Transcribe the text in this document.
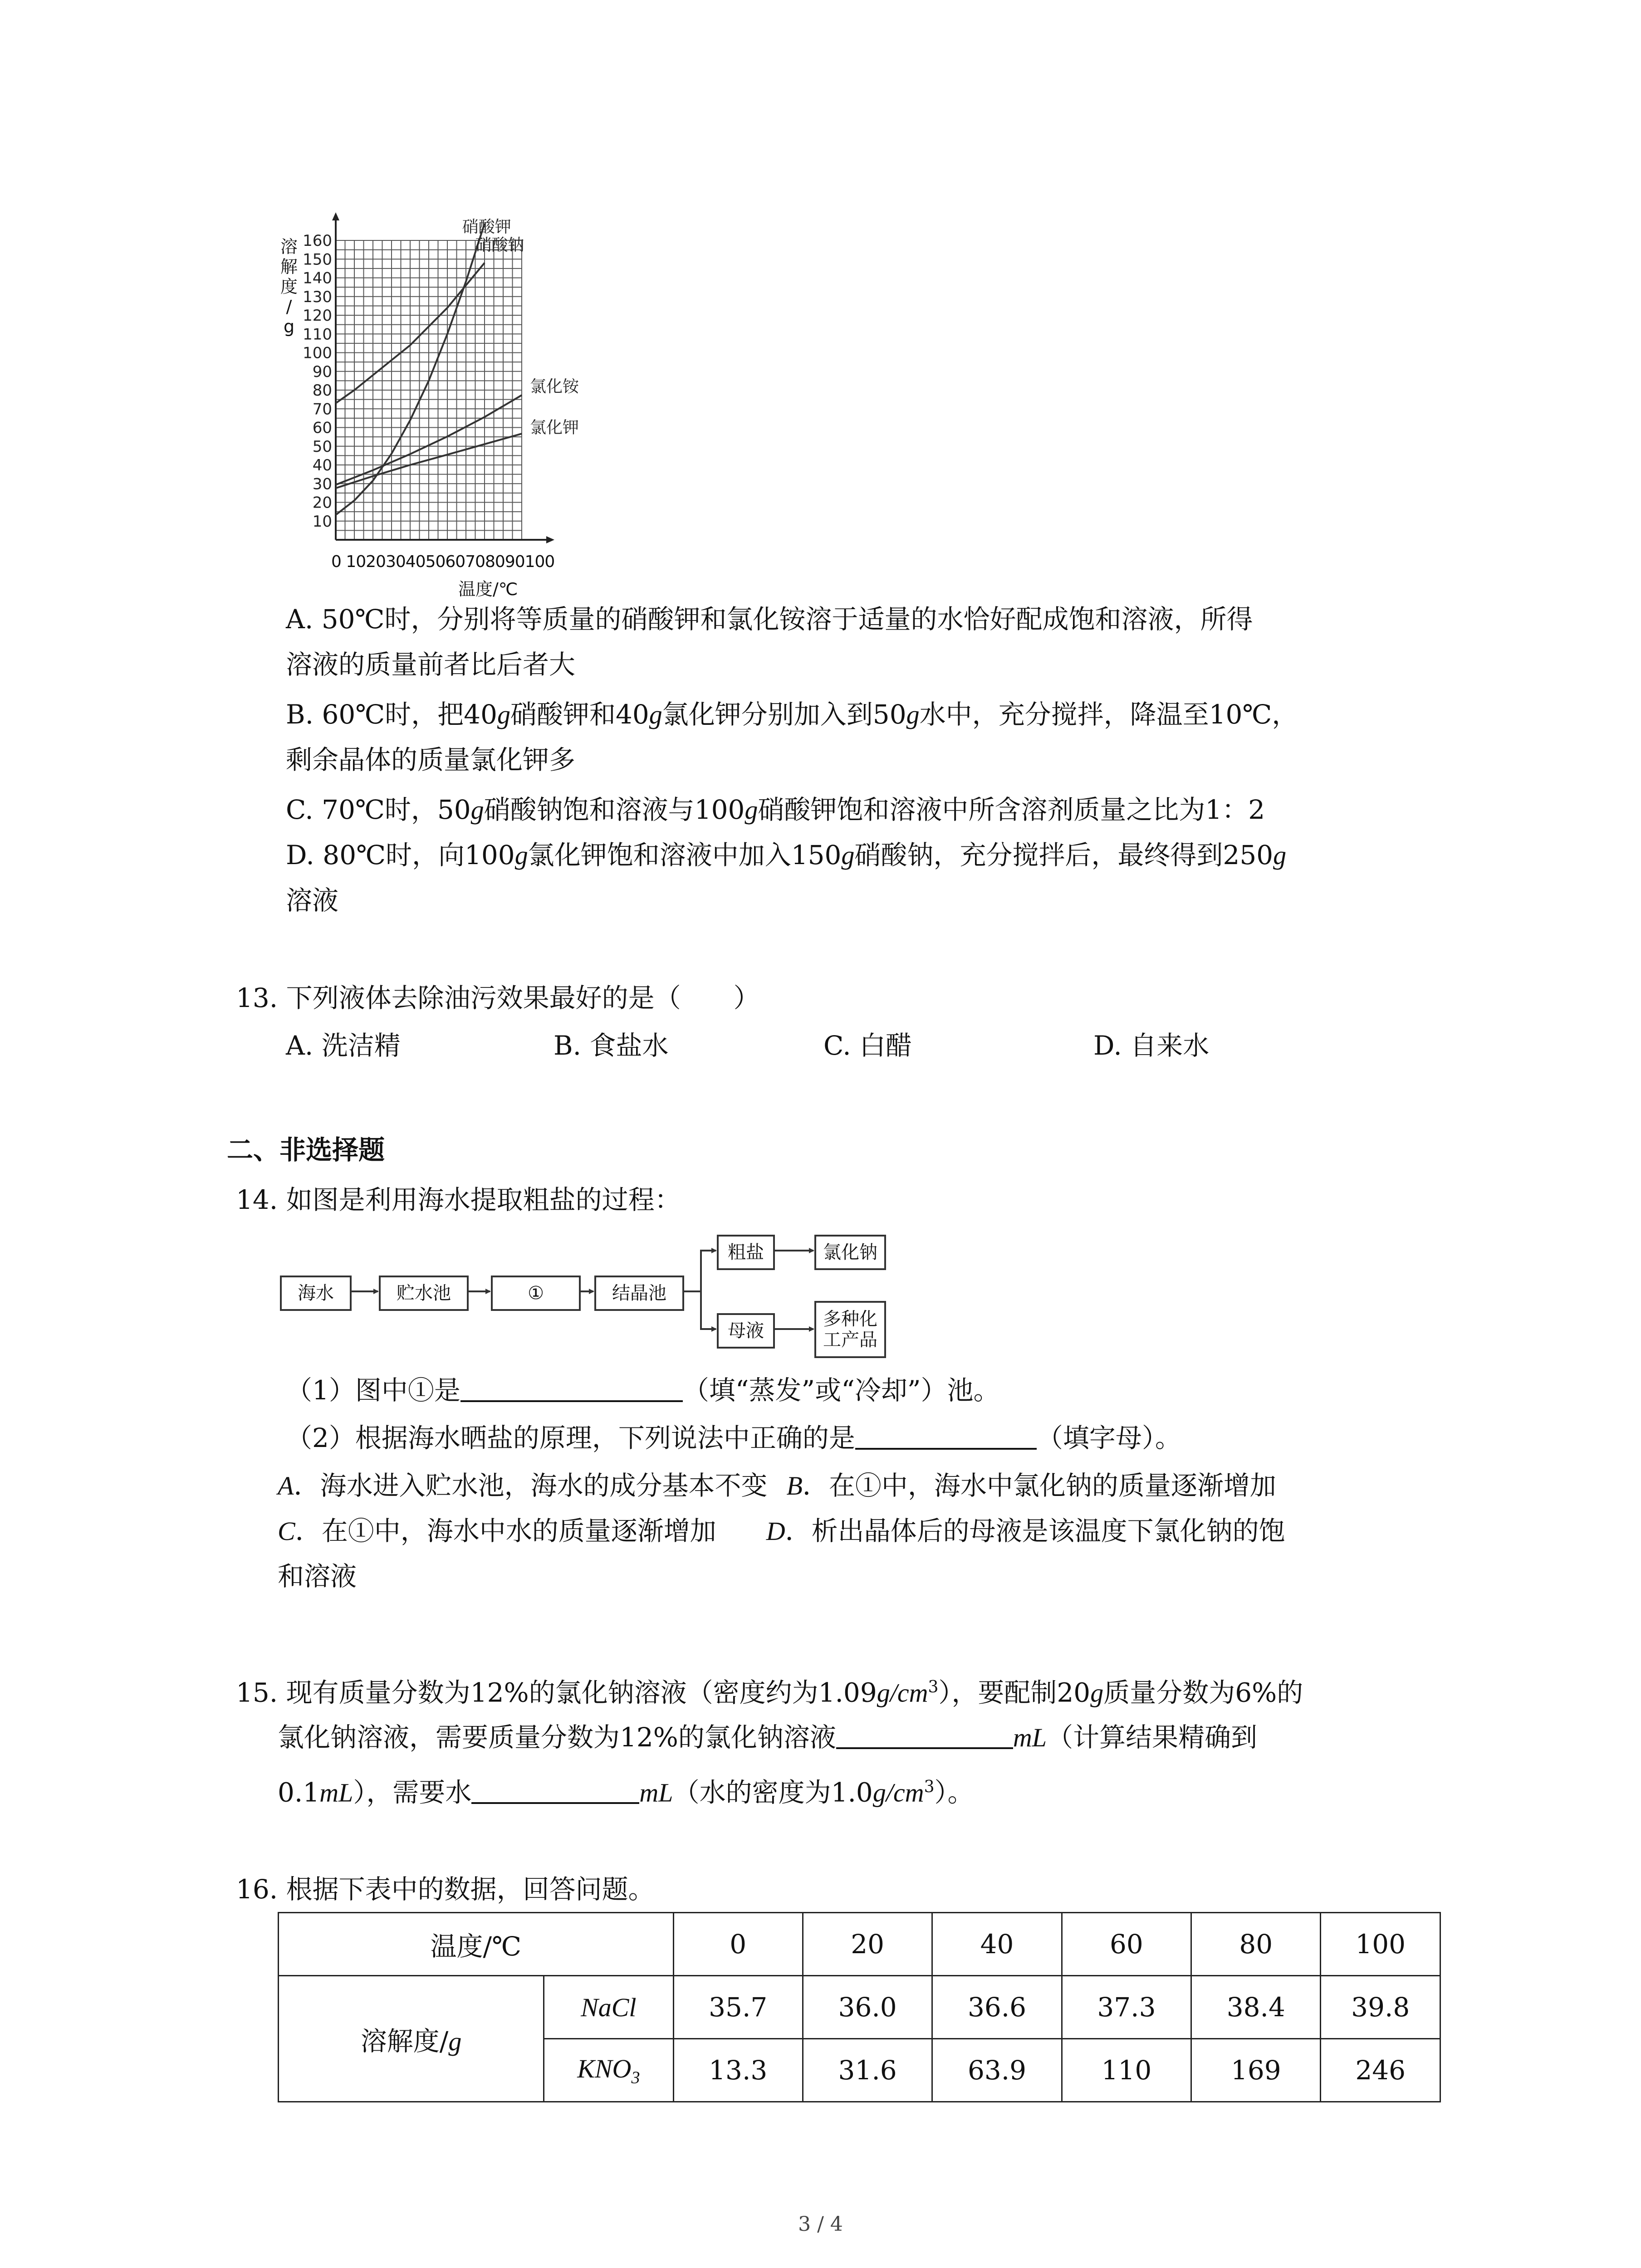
10
20
30
40
50
60
70
80
90
100
110
120
130
140
150
160
硝酸钾
硝酸钠
氯化铵
氯化钾
溶
解
度
/
g
0 102030405060708090100
温度/℃
A. 50℃时，分别将等质量的硝酸钾和氯化铵溶于适量的水恰好配成饱和溶液，所得
溶液的质量前者比后者大
B. 60℃时，把40g硝酸钾和40g氯化钾分别加入到50g水中，充分搅拌，降温至10℃，
剩余晶体的质量氯化钾多
C. 70℃时，50g硝酸钠饱和溶液与100g硝酸钾饱和溶液中所含溶剂质量之比为1：2
D. 80℃时，向100g氯化钾饱和溶液中加入150g硝酸钠，充分搅拌后，最终得到250g
溶液
13. 下列液体去除油污效果最好的是（　　）
A. 洗洁精	B. 食盐水	C. 白醋	D. 自来水
二、非选择题
14. 如图是利用海水提取粗盐的过程：
海水	贮水池	①	结晶池
粗盐	氯化钠
母液
多种化
工产品
（1）图中①是	（填“蒸发”或“冷却”）池。
（2）根据海水晒盐的原理，下列说法中正确的是	（填字母）。
A．海水进入贮水池，海水的成分基本不变 B．在①中，海水中氯化钠的质量逐渐增加
C．在①中，海水中水的质量逐渐增加 D．析出晶体后的母液是该温度下氯化钠的饱
和溶液
15. 现有质量分数为12%的氯化钠溶液（密度约为$1.09g/cm^3$），要配制20g质量分数为6%的
氯化钠溶液，需要质量分数为12%的氯化钠溶液	mL（计算结果精确到
0.1mL），需要水	mL（水的密度为$1.0g/cm^3$）。
16. 根据下表中的数据，回答问题。
温度/℃		0	20	40	60	80	100
溶解度/g	NaCl	35.7	36.0	36.6	37.3	38.4	39.8
	$KNO_3$	13.3	31.6	63.9	110	169	246
3 / 4
